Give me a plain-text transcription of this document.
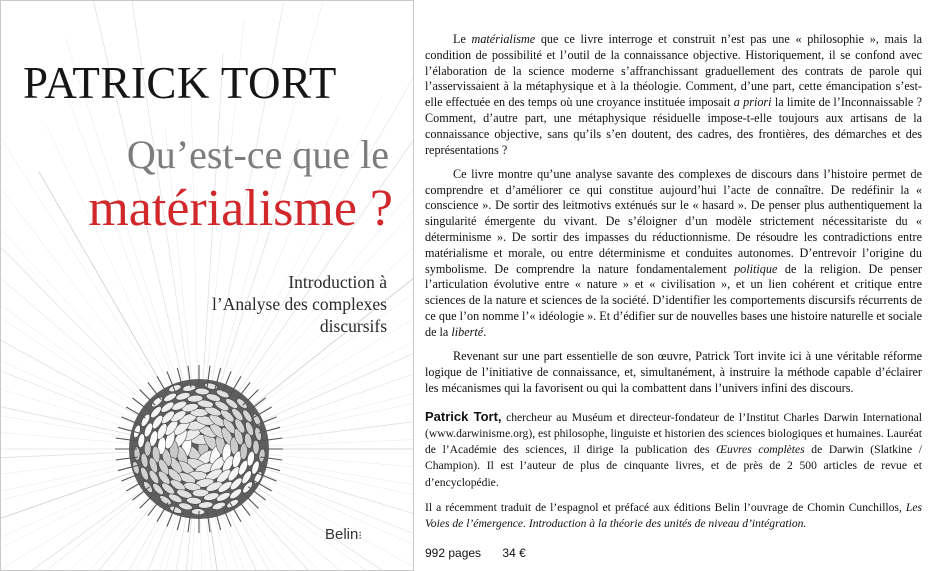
PATRICK TORT
Qu’est-ce que le
matérialisme ?
Introduction à
l’Analyse des complexes
discursifs
Belin⁝

Le matérialisme que ce livre interroge et construit n’est pas une « philosophie », mais la condition de possibilité et l’outil de la connaissance objective. Historiquement, il se confond avec l’élaboration de la science moderne s’affranchissant graduellement des contrats de parole qui l’asservissaient à la métaphysique et à la théologie. Comment, d’une part, cette émancipation s’est-elle effectuée en des temps où une croyance instituée imposait a priori la limite de l’Inconnaissable ? Comment, d’autre part, une métaphysique résiduelle impose-t-elle toujours aux artisans de la connaissance objective, sans qu’ils s’en doutent, des cadres, des frontières, des démarches et des représentations ?

Ce livre montre qu’une analyse savante des complexes de discours dans l’histoire permet de comprendre et d’améliorer ce qui constitue aujourd’hui l’acte de connaître. De redéfinir la « conscience ». De sortir des leitmotivs exténués sur le « hasard ». De penser plus authentiquement la singularité émergente du vivant. De s’éloigner d’un modèle strictement nécessitariste du « déterminisme ». De sortir des impasses du réductionnisme. De résoudre les contradictions entre matérialisme et morale, ou entre déterminisme et conduites autonomes. D’entrevoir l’origine du symbolisme. De comprendre la nature fondamentalement politique de la religion. De penser l’articulation évolutive entre « nature » et « civilisation », et un lien cohérent et critique entre sciences de la nature et sciences de la société. D’identifier les comportements discursifs récurrents de ce que l’on nomme l’« idéologie ». Et d’édifier sur de nouvelles bases une histoire naturelle et sociale de la liberté.

Revenant sur une part essentielle de son œuvre, Patrick Tort invite ici à une véritable réforme logique de l’initiative de connaissance, et, simultanément, à instruire la méthode capable d’éclairer les mécanismes qui la favorisent ou qui la combattent dans l’univers infini des discours.

Patrick Tort, chercheur au Muséum et directeur-fondateur de l’Institut Charles Darwin International (www.darwinisme.org), est philosophe, linguiste et historien des sciences biologiques et humaines. Lauréat de l’Académie des sciences, il dirige la publication des Œuvres complètes de Darwin (Slatkine / Champion). Il est l’auteur de plus de cinquante livres, et de près de 2 500 articles de revue et d’encyclopédie.

Il a récemment traduit de l’espagnol et préfacé aux éditions Belin l’ouvrage de Chomin Cunchillos, Les Voies de l’émergence. Introduction à la théorie des unités de niveau d’intégration.

992 pages 34 €
